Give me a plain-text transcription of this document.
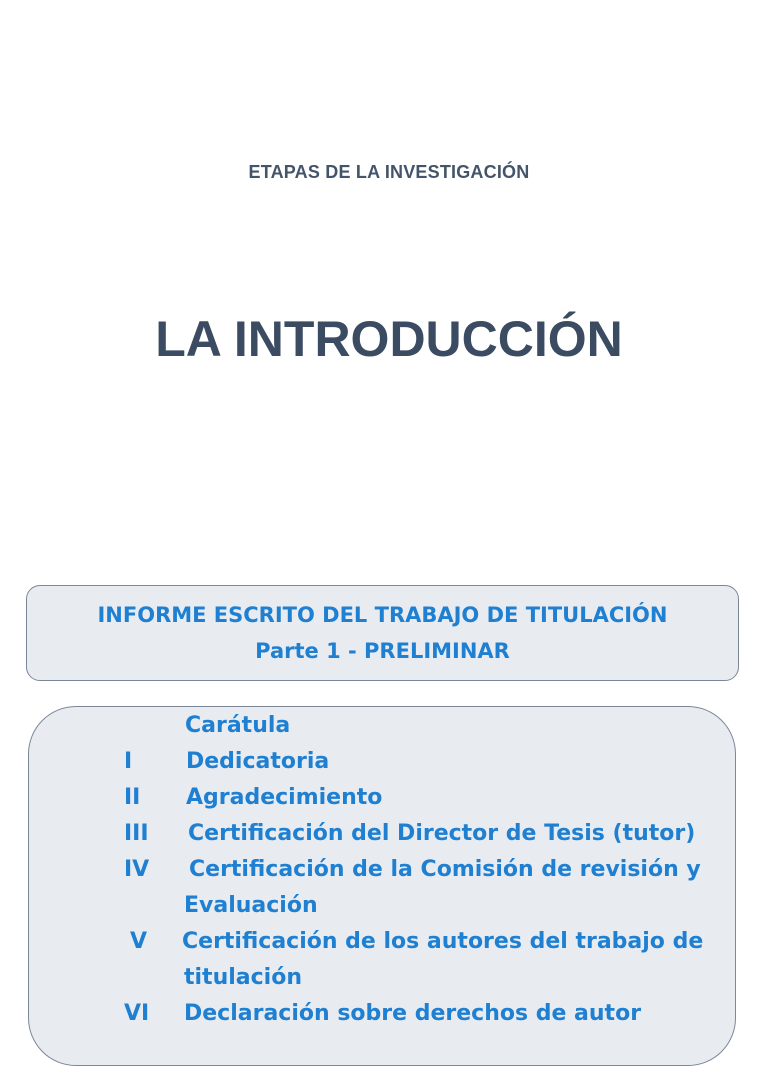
ETAPAS DE LA INVESTIGACIÓN
LA INTRODUCCIÓN
INFORME ESCRITO DEL TRABAJO DE TITULACIÓN
Parte 1 - PRELIMINAR
Carátula
I Dedicatoria
II Agradecimiento
III Certificación del Director de Tesis (tutor)
IV Certificación de la Comisión de revisión y
Evaluación
V Certificación de los autores del trabajo de
titulación
VI Declaración sobre derechos de autor
